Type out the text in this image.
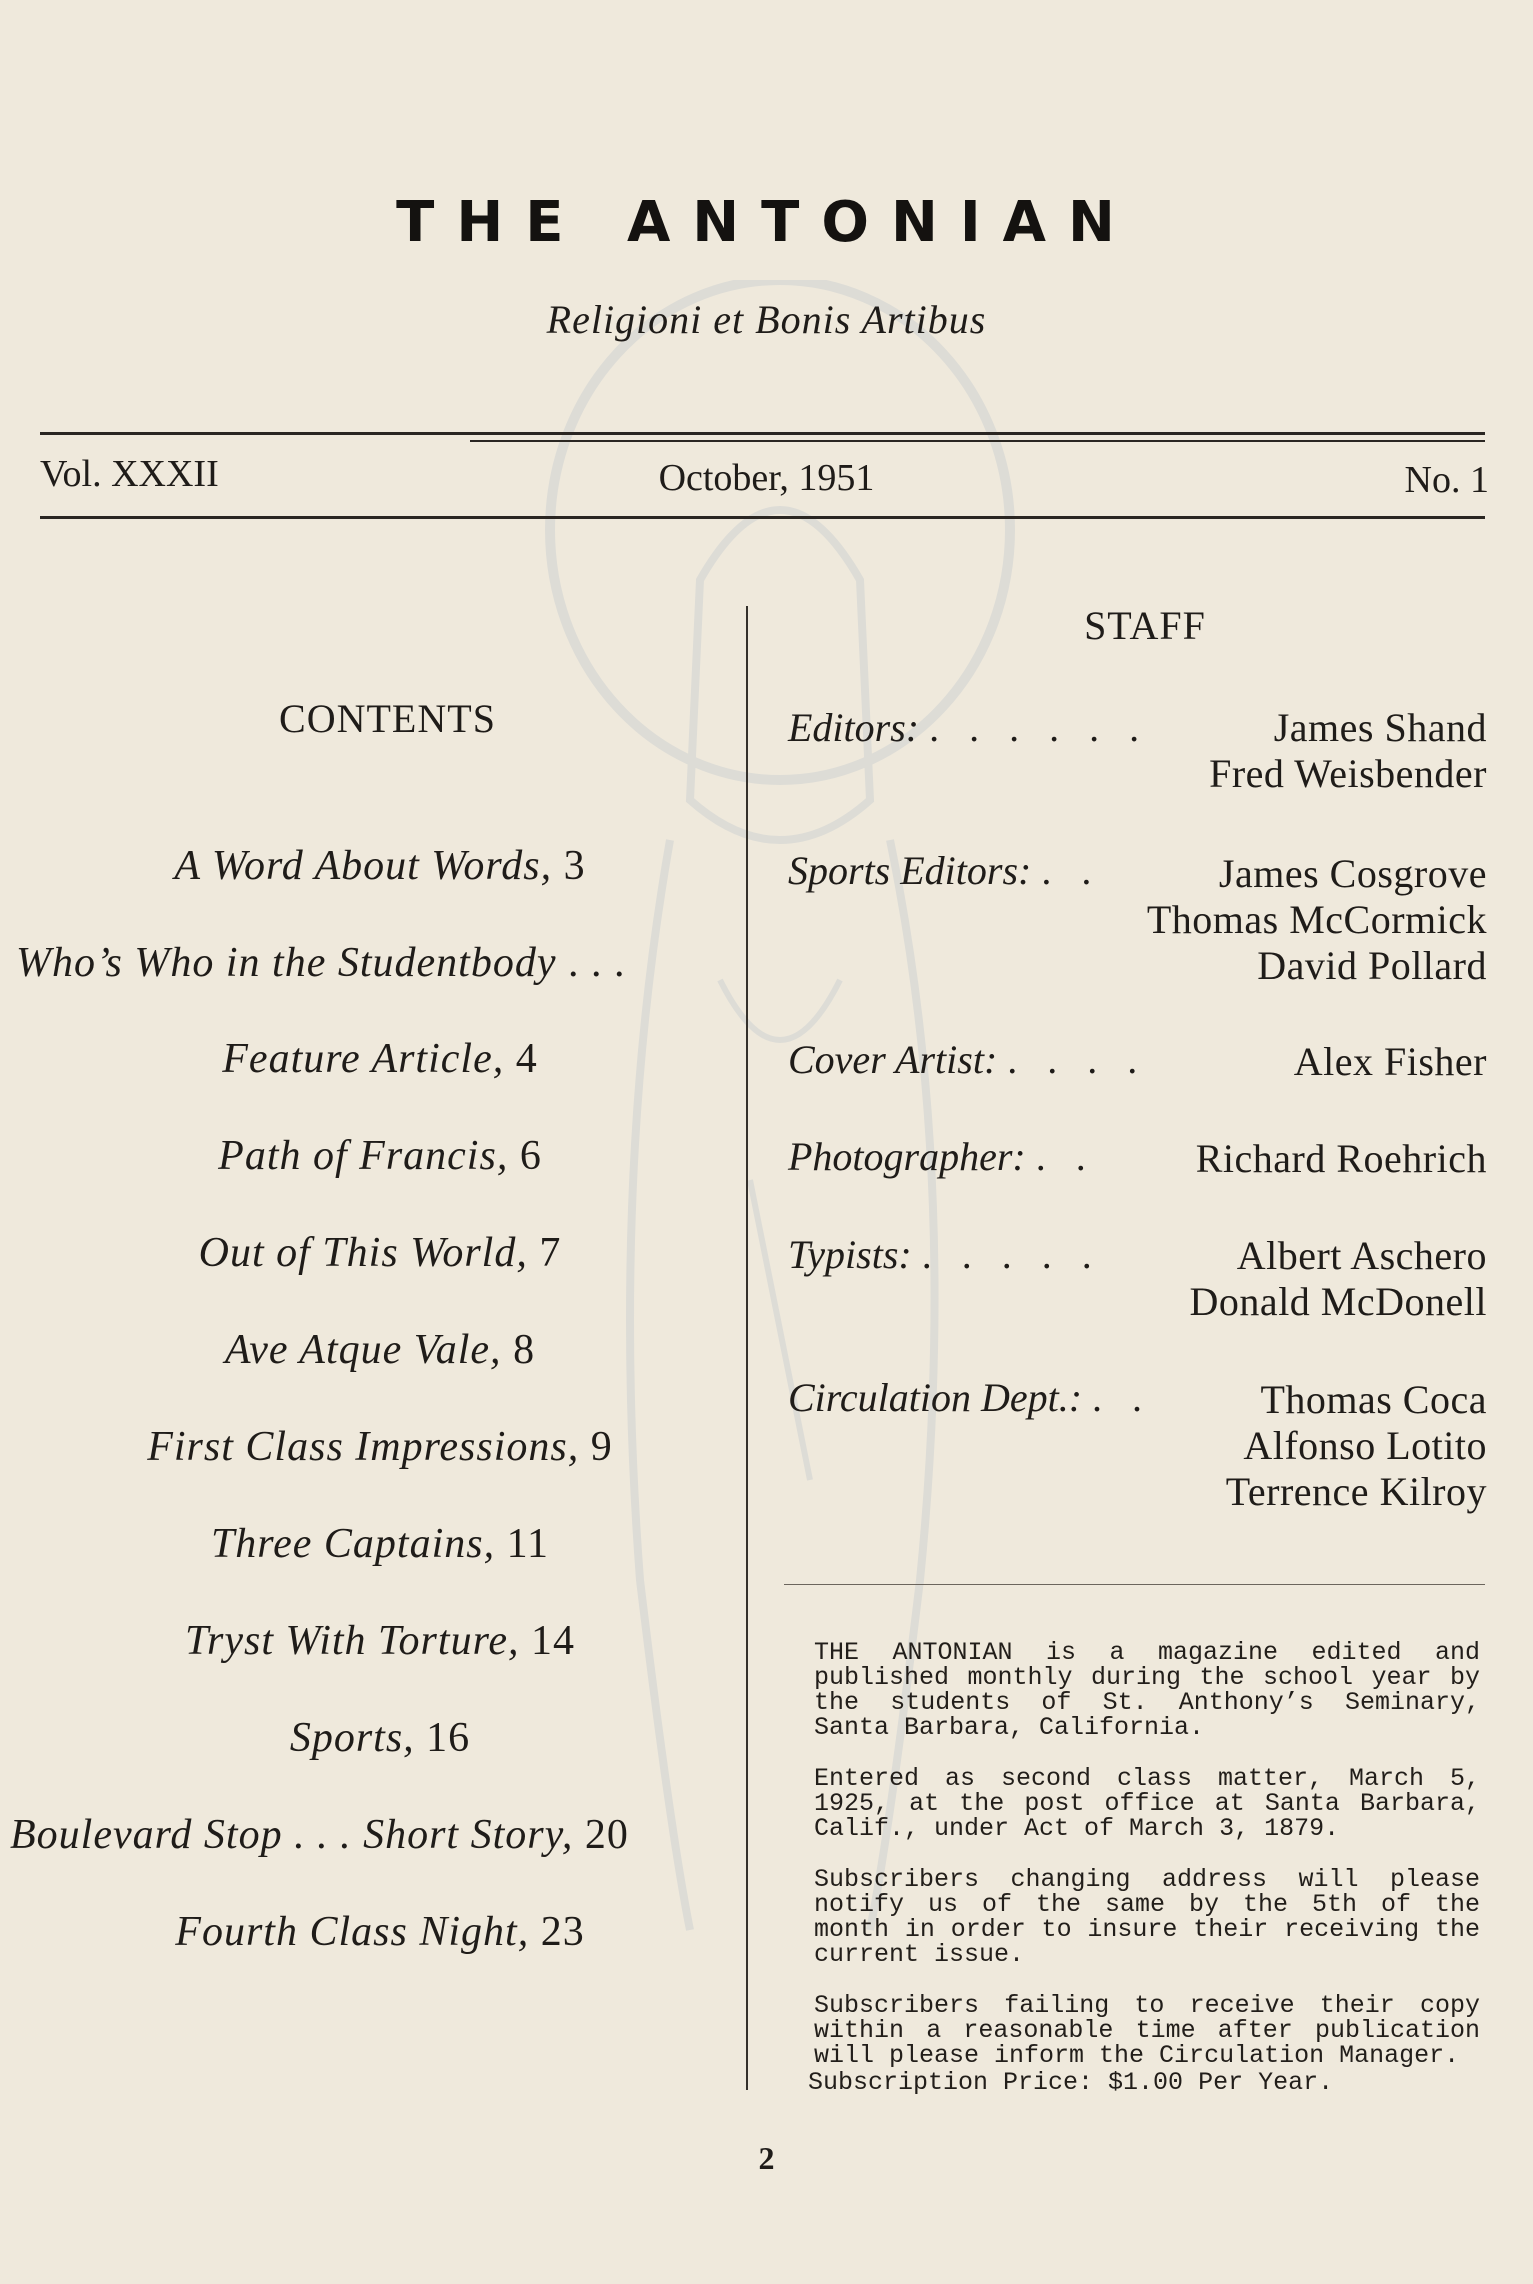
THE ANTONIAN
Religioni et Bonis Artibus
Vol. XXXII	October, 1951	No. 1
CONTENTS
A Word About Words, 3
Who’s Who in the Studentbody . . .
Feature Article, 4
Path of Francis, 6
Out of This World, 7
Ave Atque Vale, 8
First Class Impressions, 9
Three Captains, 11
Tryst With Torture, 14
Sports, 16
Boulevard Stop . . . Short Story, 20
Fourth Class Night, 23
STAFF
Editors: . . . . . .	James Shand
Fred Weisbender
Sports Editors: . .	James Cosgrove
Thomas McCormick
David Pollard
Cover Artist: . . . .	Alex Fisher
Photographer: . . Richard Roehrich
Typists: . . . . .	Albert Aschero
Donald McDonell
Circulation Dept.: . .	Thomas Coca
Alfonso Lotito
Terrence Kilroy
THE ANTONIAN is a magazine edited and published monthly during the school year by the students of St. Anthony’s Seminary, Santa Barbara, California.
Entered as second class matter, March 5, 1925, at the post office at Santa Barbara, Calif., under Act of March 3, 1879.
Subscribers changing address will please notify us of the same by the 5th of the month in order to insure their receiving the current issue.
Subscribers failing to receive their copy within a reasonable time after publication will please inform the Circulation Manager.
Subscription Price: $1.00 Per Year.
2
